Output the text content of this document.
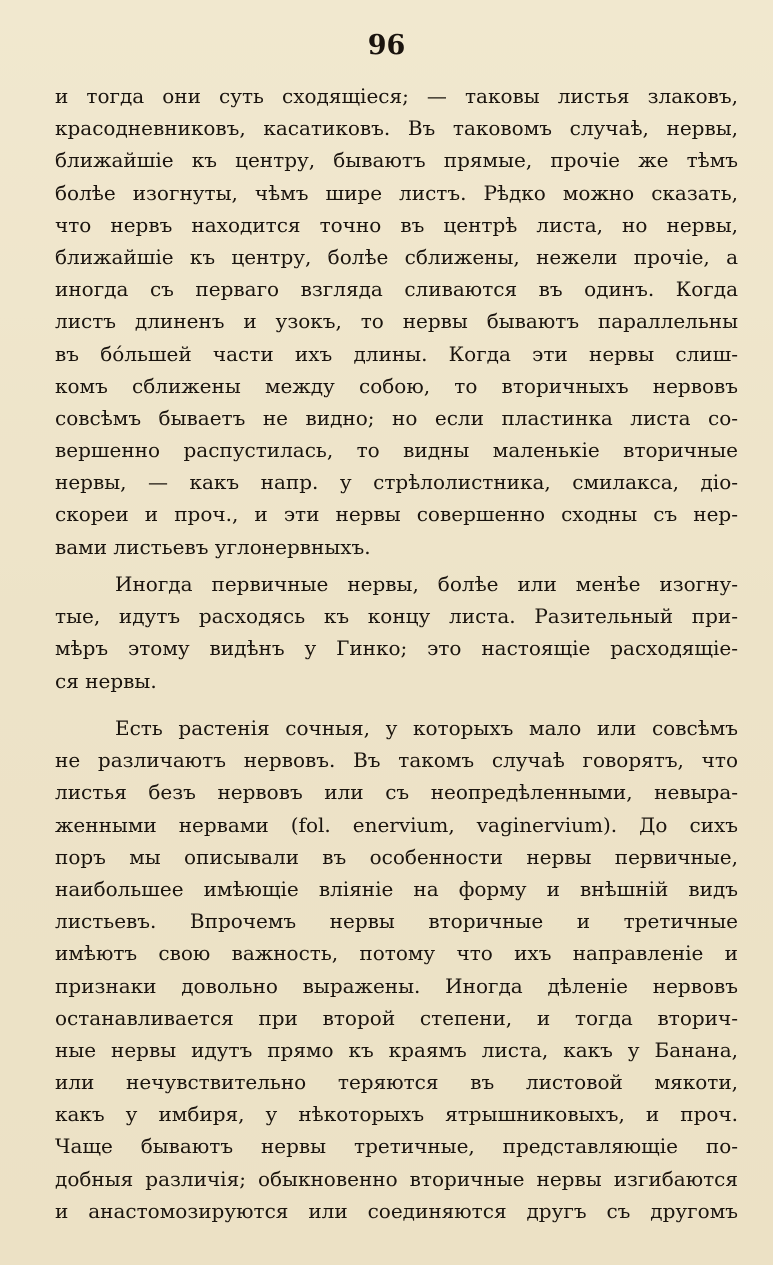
96
и тогда они суть сходящіеся; — таковы листья злаковъ,
красодневниковъ, касатиковъ. Въ таковомъ случаѣ, нервы,
ближайшіе къ центру, бываютъ прямые, прочіе же тѣмъ
болѣе изогнуты, чѣмъ шире листъ. Рѣдко можно сказать,
что нервъ находится точно въ центрѣ листа, но нервы,
ближайшіе къ центру, болѣе сближены, нежели прочіе, а
иногда съ перваго взгляда сливаются въ одинъ. Когда
листъ длиненъ и узокъ, то нервы бываютъ параллельны
въ бо́льшей части ихъ длины. Когда эти нервы слиш-
комъ сближены между собою, то вторичныхъ нервовъ
совсѣмъ бываетъ не видно; но если пластинка листа со-
вершенно распустилась, то видны маленькіе вторичные
нервы, — какъ напр. у стрѣлолистника, смилакса, діо-
скореи и проч., и эти нервы совершенно сходны съ нер-
вами листьевъ углонервныхъ.
Иногда первичные нервы, болѣе или менѣе изогну-
тые, идутъ расходясь къ концу листа. Разительный при-
мѣръ этому видѣнъ у Гинко; это настоящіе расходящіе-
ся нервы.
Есть растенія сочныя, у которыхъ мало или совсѣмъ
не различаютъ нервовъ. Въ такомъ случаѣ говорятъ, что
листья безъ нервовъ или съ неопредѣленными, невыра-
женными нервами (fol. enervium, vaginervium). До сихъ
поръ мы описывали въ особенности нервы первичные,
наибольшее имѣющіе вліяніе на форму и внѣшній видъ
листьевъ. Впрочемъ нервы вторичные и третичные
имѣютъ свою важность, потому что ихъ направленіе и
признаки довольно выражены. Иногда дѣленіе нервовъ
останавливается при второй степени, и тогда вторич-
ные нервы идутъ прямо къ краямъ листа, какъ у Банана,
или нечувствительно теряются въ листовой мякоти,
какъ у имбиря, у нѣкоторыхъ ятрышниковыхъ, и проч.
Чаще бываютъ нервы третичные, представляющіе по-
добныя различія; обыкновенно вторичные нервы изгибаются
и анастомозируются или соединяются другъ съ другомъ
